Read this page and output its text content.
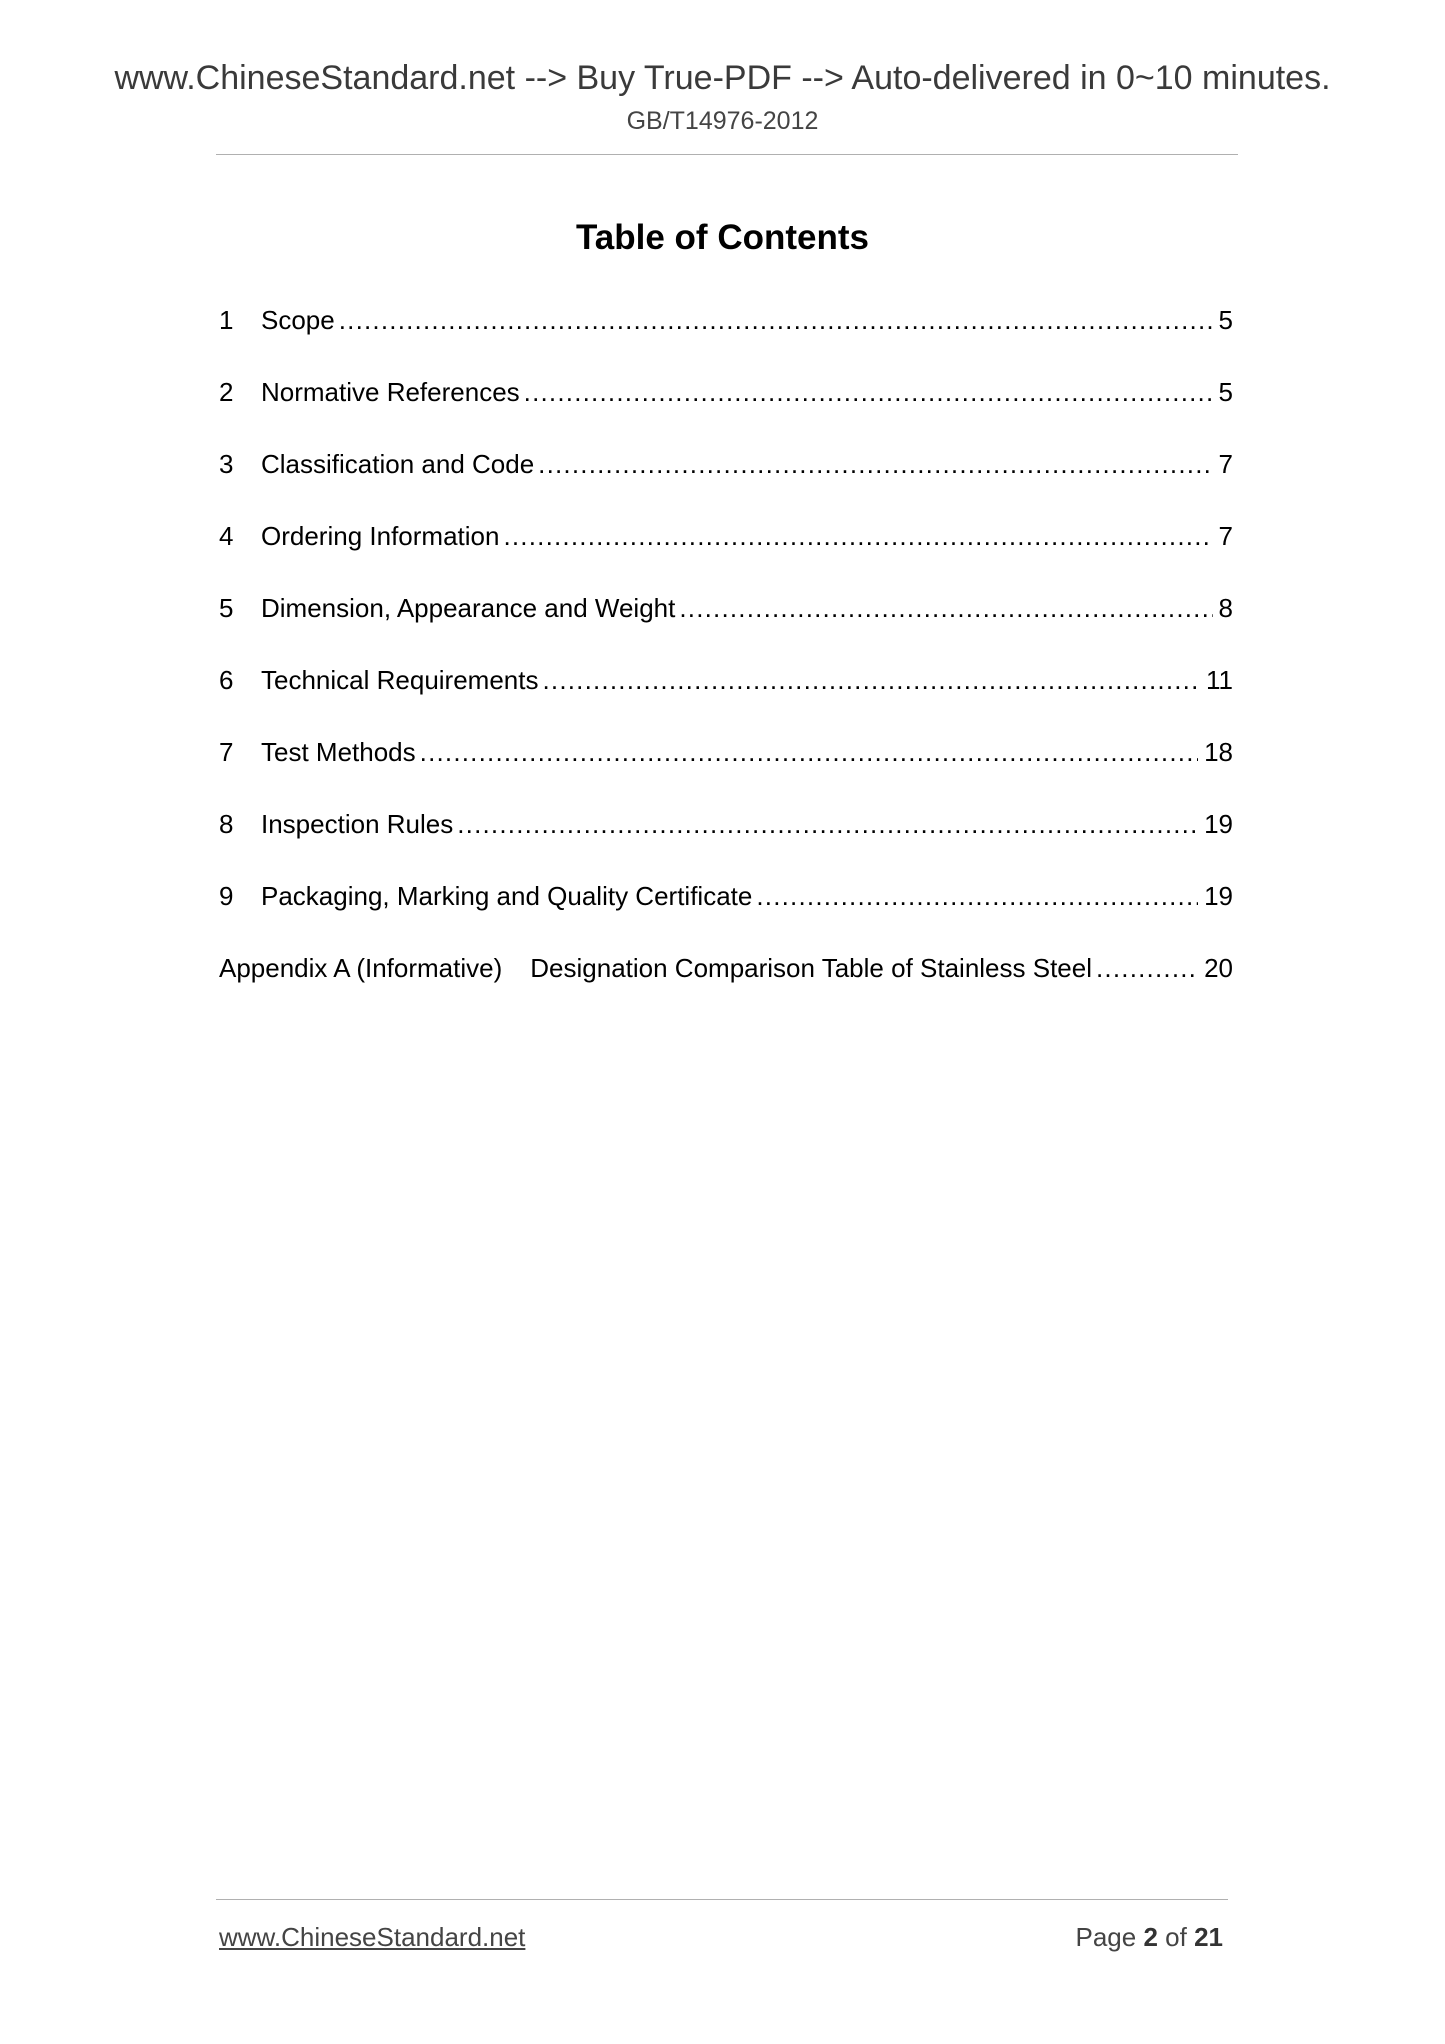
www.ChineseStandard.net --> Buy True-PDF --> Auto-delivered in 0~10 minutes.
GB/T14976-2012
Table of Contents
1	Scope .....	5
2	Normative References .....	5
3	Classification and Code .....	7
4	Ordering Information .....	7
5	Dimension, Appearance and Weight .....	8
6	Technical Requirements .....	11
7	Test Methods .....	18
8	Inspection Rules .....	19
9	Packaging, Marking and Quality Certificate .....	19
Appendix A (Informative) Designation Comparison Table of Stainless Steel .....	20
www.ChineseStandard.net	Page 2 of 21
